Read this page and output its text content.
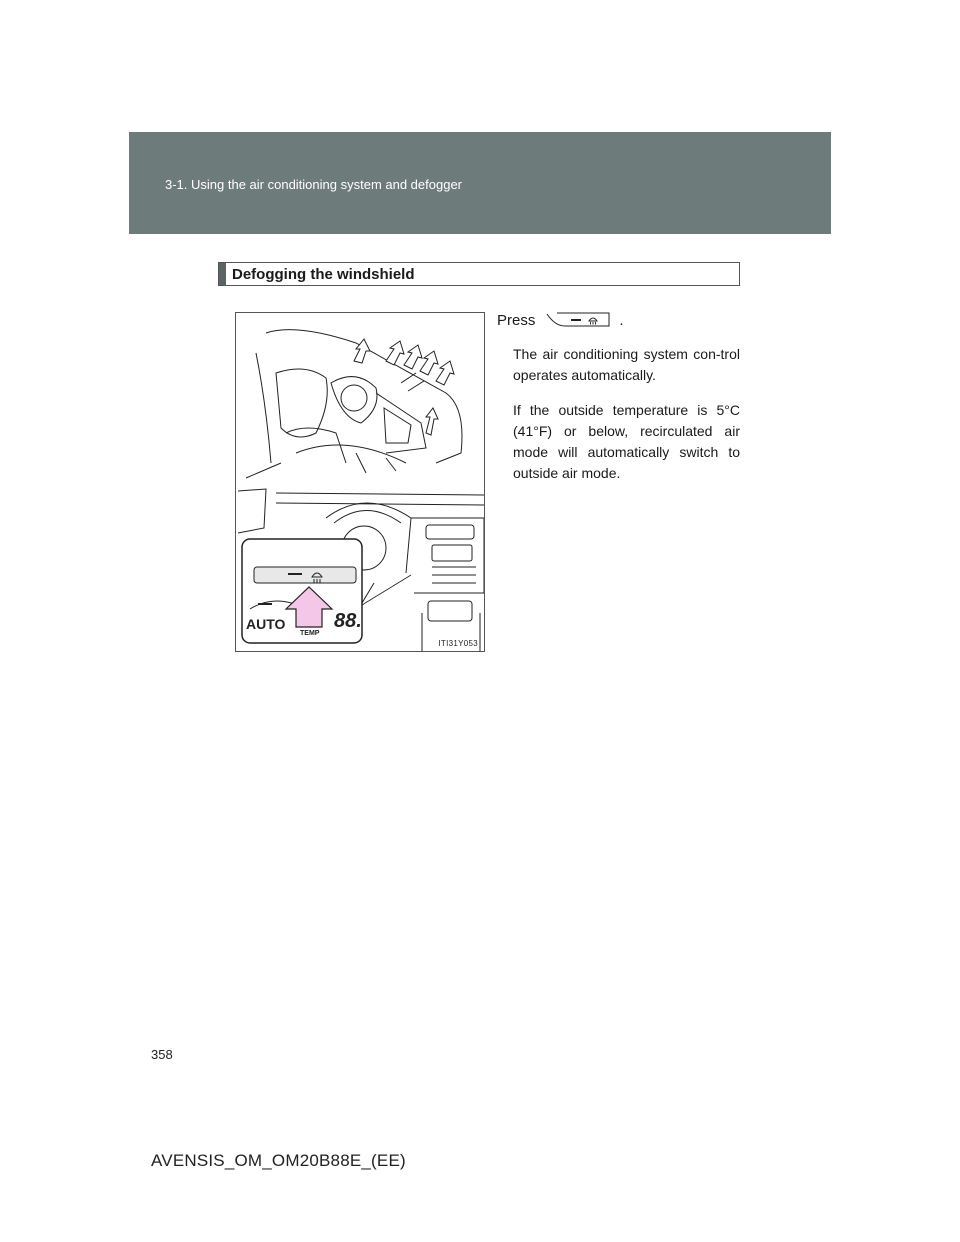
3-1. Using the air conditioning system and defogger
Defogging the windshield
AUTO 88.
TEMP
ITI31Y053
Press	.
The air conditioning system con-trol operates automatically.
If the outside temperature is 5°C (41°F) or below, recirculated air mode will automatically switch to outside air mode.
358
AVENSIS_OM_OM20B88E_(EE)
